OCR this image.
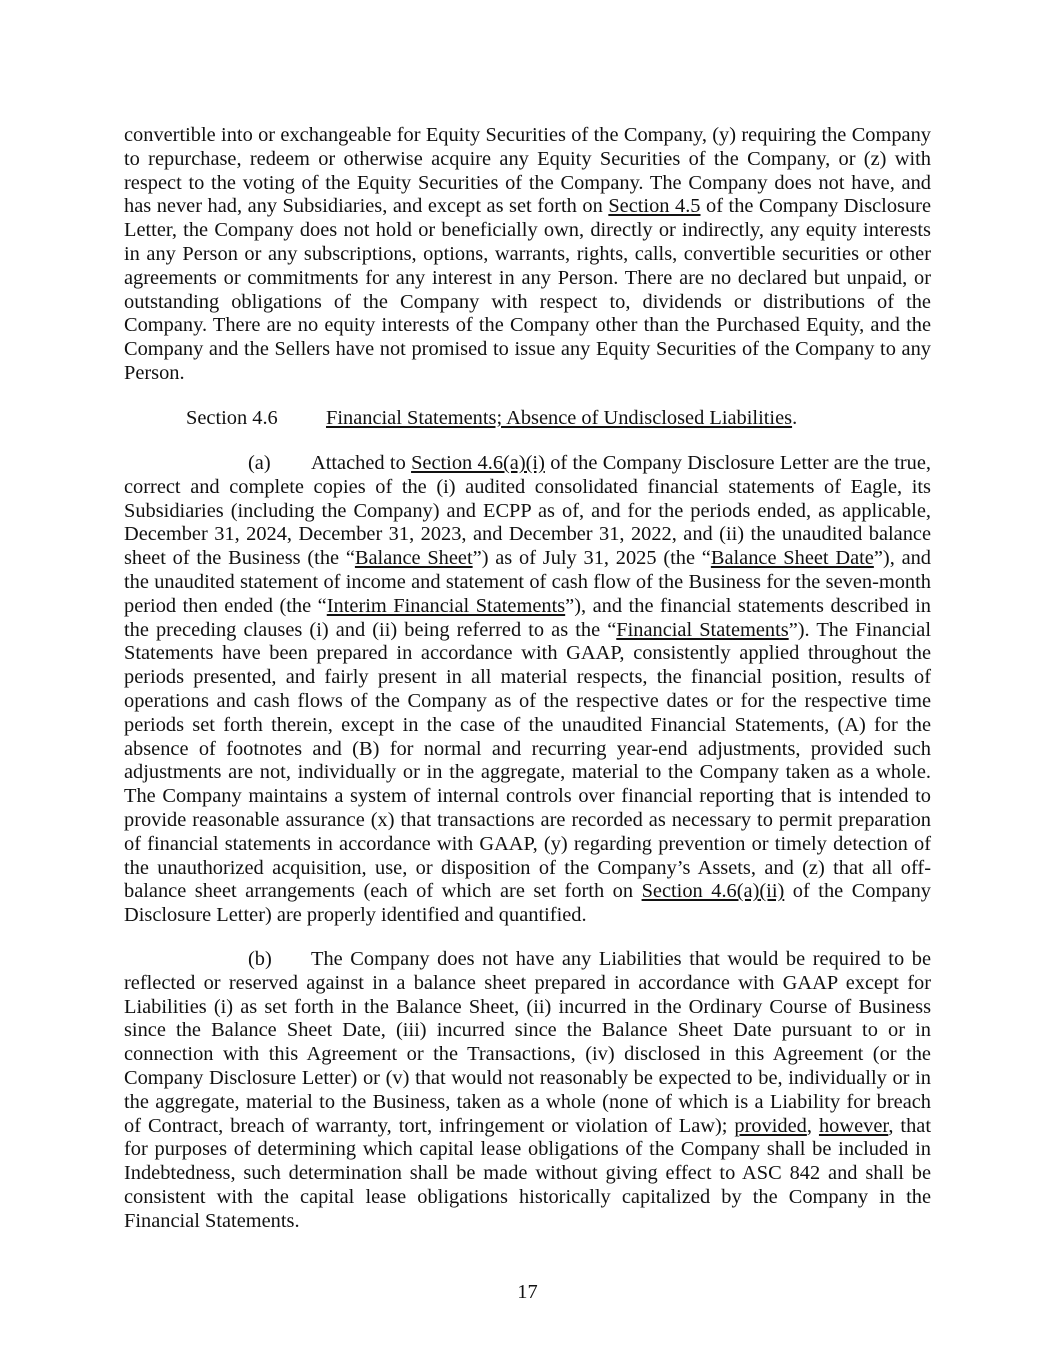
convertible into or exchangeable for Equity Securities of the Company, (y) requiring the Company
to repurchase, redeem or otherwise acquire any Equity Securities of the Company, or (z) with
respect to the voting of the Equity Securities of the Company. The Company does not have, and
has never had, any Subsidiaries, and except as set forth on Section 4.5 of the Company Disclosure
Letter, the Company does not hold or beneficially own, directly or indirectly, any equity interests
in any Person or any subscriptions, options, warrants, rights, calls, convertible securities or other
agreements or commitments for any interest in any Person. There are no declared but unpaid, or
outstanding obligations of the Company with respect to, dividends or distributions of the
Company. There are no equity interests of the Company other than the Purchased Equity, and the
Company and the Sellers have not promised to issue any Equity Securities of the Company to any
Person.
Section 4.6 Financial Statements; Absence of Undisclosed Liabilities.
(a) Attached to Section 4.6(a)(i) of the Company Disclosure Letter are the true,
correct and complete copies of the (i) audited consolidated financial statements of Eagle, its
Subsidiaries (including the Company) and ECPP as of, and for the periods ended, as applicable,
December 31, 2024, December 31, 2023, and December 31, 2022, and (ii) the unaudited balance
sheet of the Business (the “Balance Sheet”) as of July 31, 2025 (the “Balance Sheet Date”), and
the unaudited statement of income and statement of cash flow of the Business for the seven-month
period then ended (the “Interim Financial Statements”), and the financial statements described in
the preceding clauses (i) and (ii) being referred to as the “Financial Statements”). The Financial
Statements have been prepared in accordance with GAAP, consistently applied throughout the
periods presented, and fairly present in all material respects, the financial position, results of
operations and cash flows of the Company as of the respective dates or for the respective time
periods set forth therein, except in the case of the unaudited Financial Statements, (A) for the
absence of footnotes and (B) for normal and recurring year-end adjustments, provided such
adjustments are not, individually or in the aggregate, material to the Company taken as a whole.
The Company maintains a system of internal controls over financial reporting that is intended to
provide reasonable assurance (x) that transactions are recorded as necessary to permit preparation
of financial statements in accordance with GAAP, (y) regarding prevention or timely detection of
the unauthorized acquisition, use, or disposition of the Company’s Assets, and (z) that all off-
balance sheet arrangements (each of which are set forth on Section 4.6(a)(ii) of the Company
Disclosure Letter) are properly identified and quantified.
(b) The Company does not have any Liabilities that would be required to be
reflected or reserved against in a balance sheet prepared in accordance with GAAP except for
Liabilities (i) as set forth in the Balance Sheet, (ii) incurred in the Ordinary Course of Business
since the Balance Sheet Date, (iii) incurred since the Balance Sheet Date pursuant to or in
connection with this Agreement or the Transactions, (iv) disclosed in this Agreement (or the
Company Disclosure Letter) or (v) that would not reasonably be expected to be, individually or in
the aggregate, material to the Business, taken as a whole (none of which is a Liability for breach
of Contract, breach of warranty, tort, infringement or violation of Law); provided, however, that
for purposes of determining which capital lease obligations of the Company shall be included in
Indebtedness, such determination shall be made without giving effect to ASC 842 and shall be
consistent with the capital lease obligations historically capitalized by the Company in the
Financial Statements.
17
